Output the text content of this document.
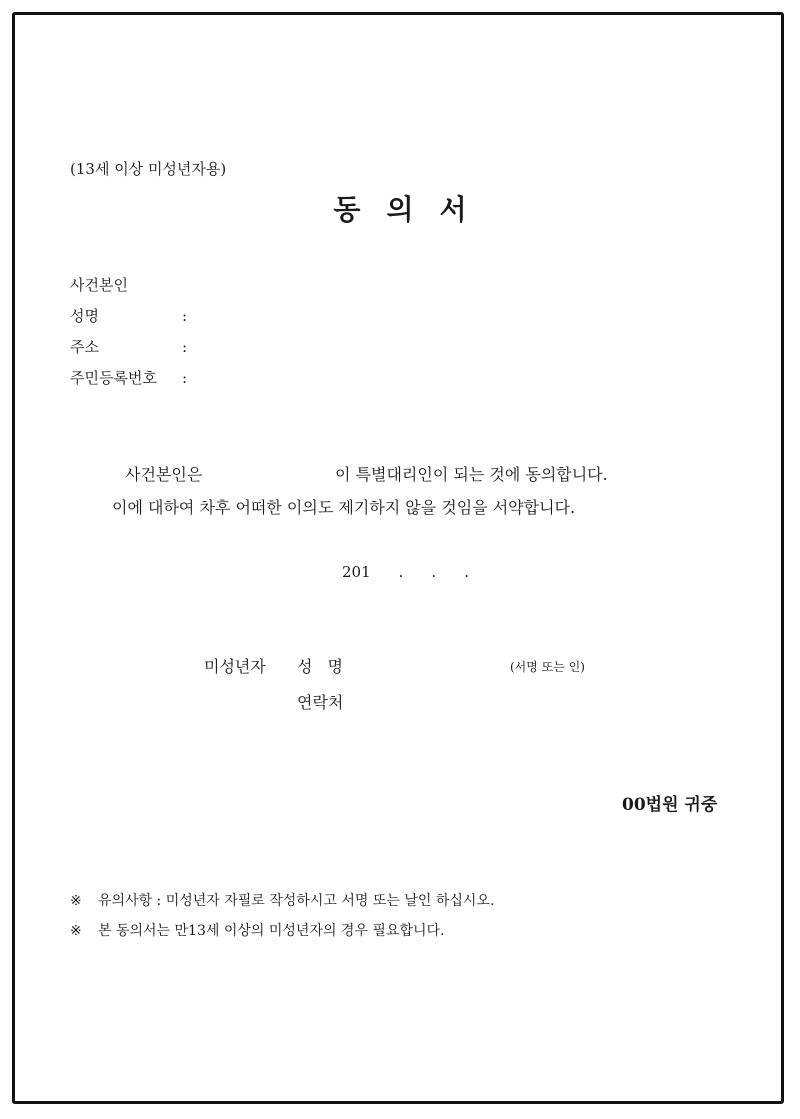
(13세 이상 미성년자용)
동의서
사건본인
성명	:
주소	:
주민등록번호 :
사건본인은	이 특별대리인이 되는 것에 동의합니다.
이에 대하여 차후 어떠한 이의도 제기하지 않을 것임을 서약합니다.
201 . . .
미성년자 성 명	(서명 또는 인)
연락처
00법원 귀중
※ 유의사항 : 미성년자 자필로 작성하시고 서명 또는 날인 하십시오.
※ 본 동의서는 만13세 이상의 미성년자의 경우 필요합니다.
